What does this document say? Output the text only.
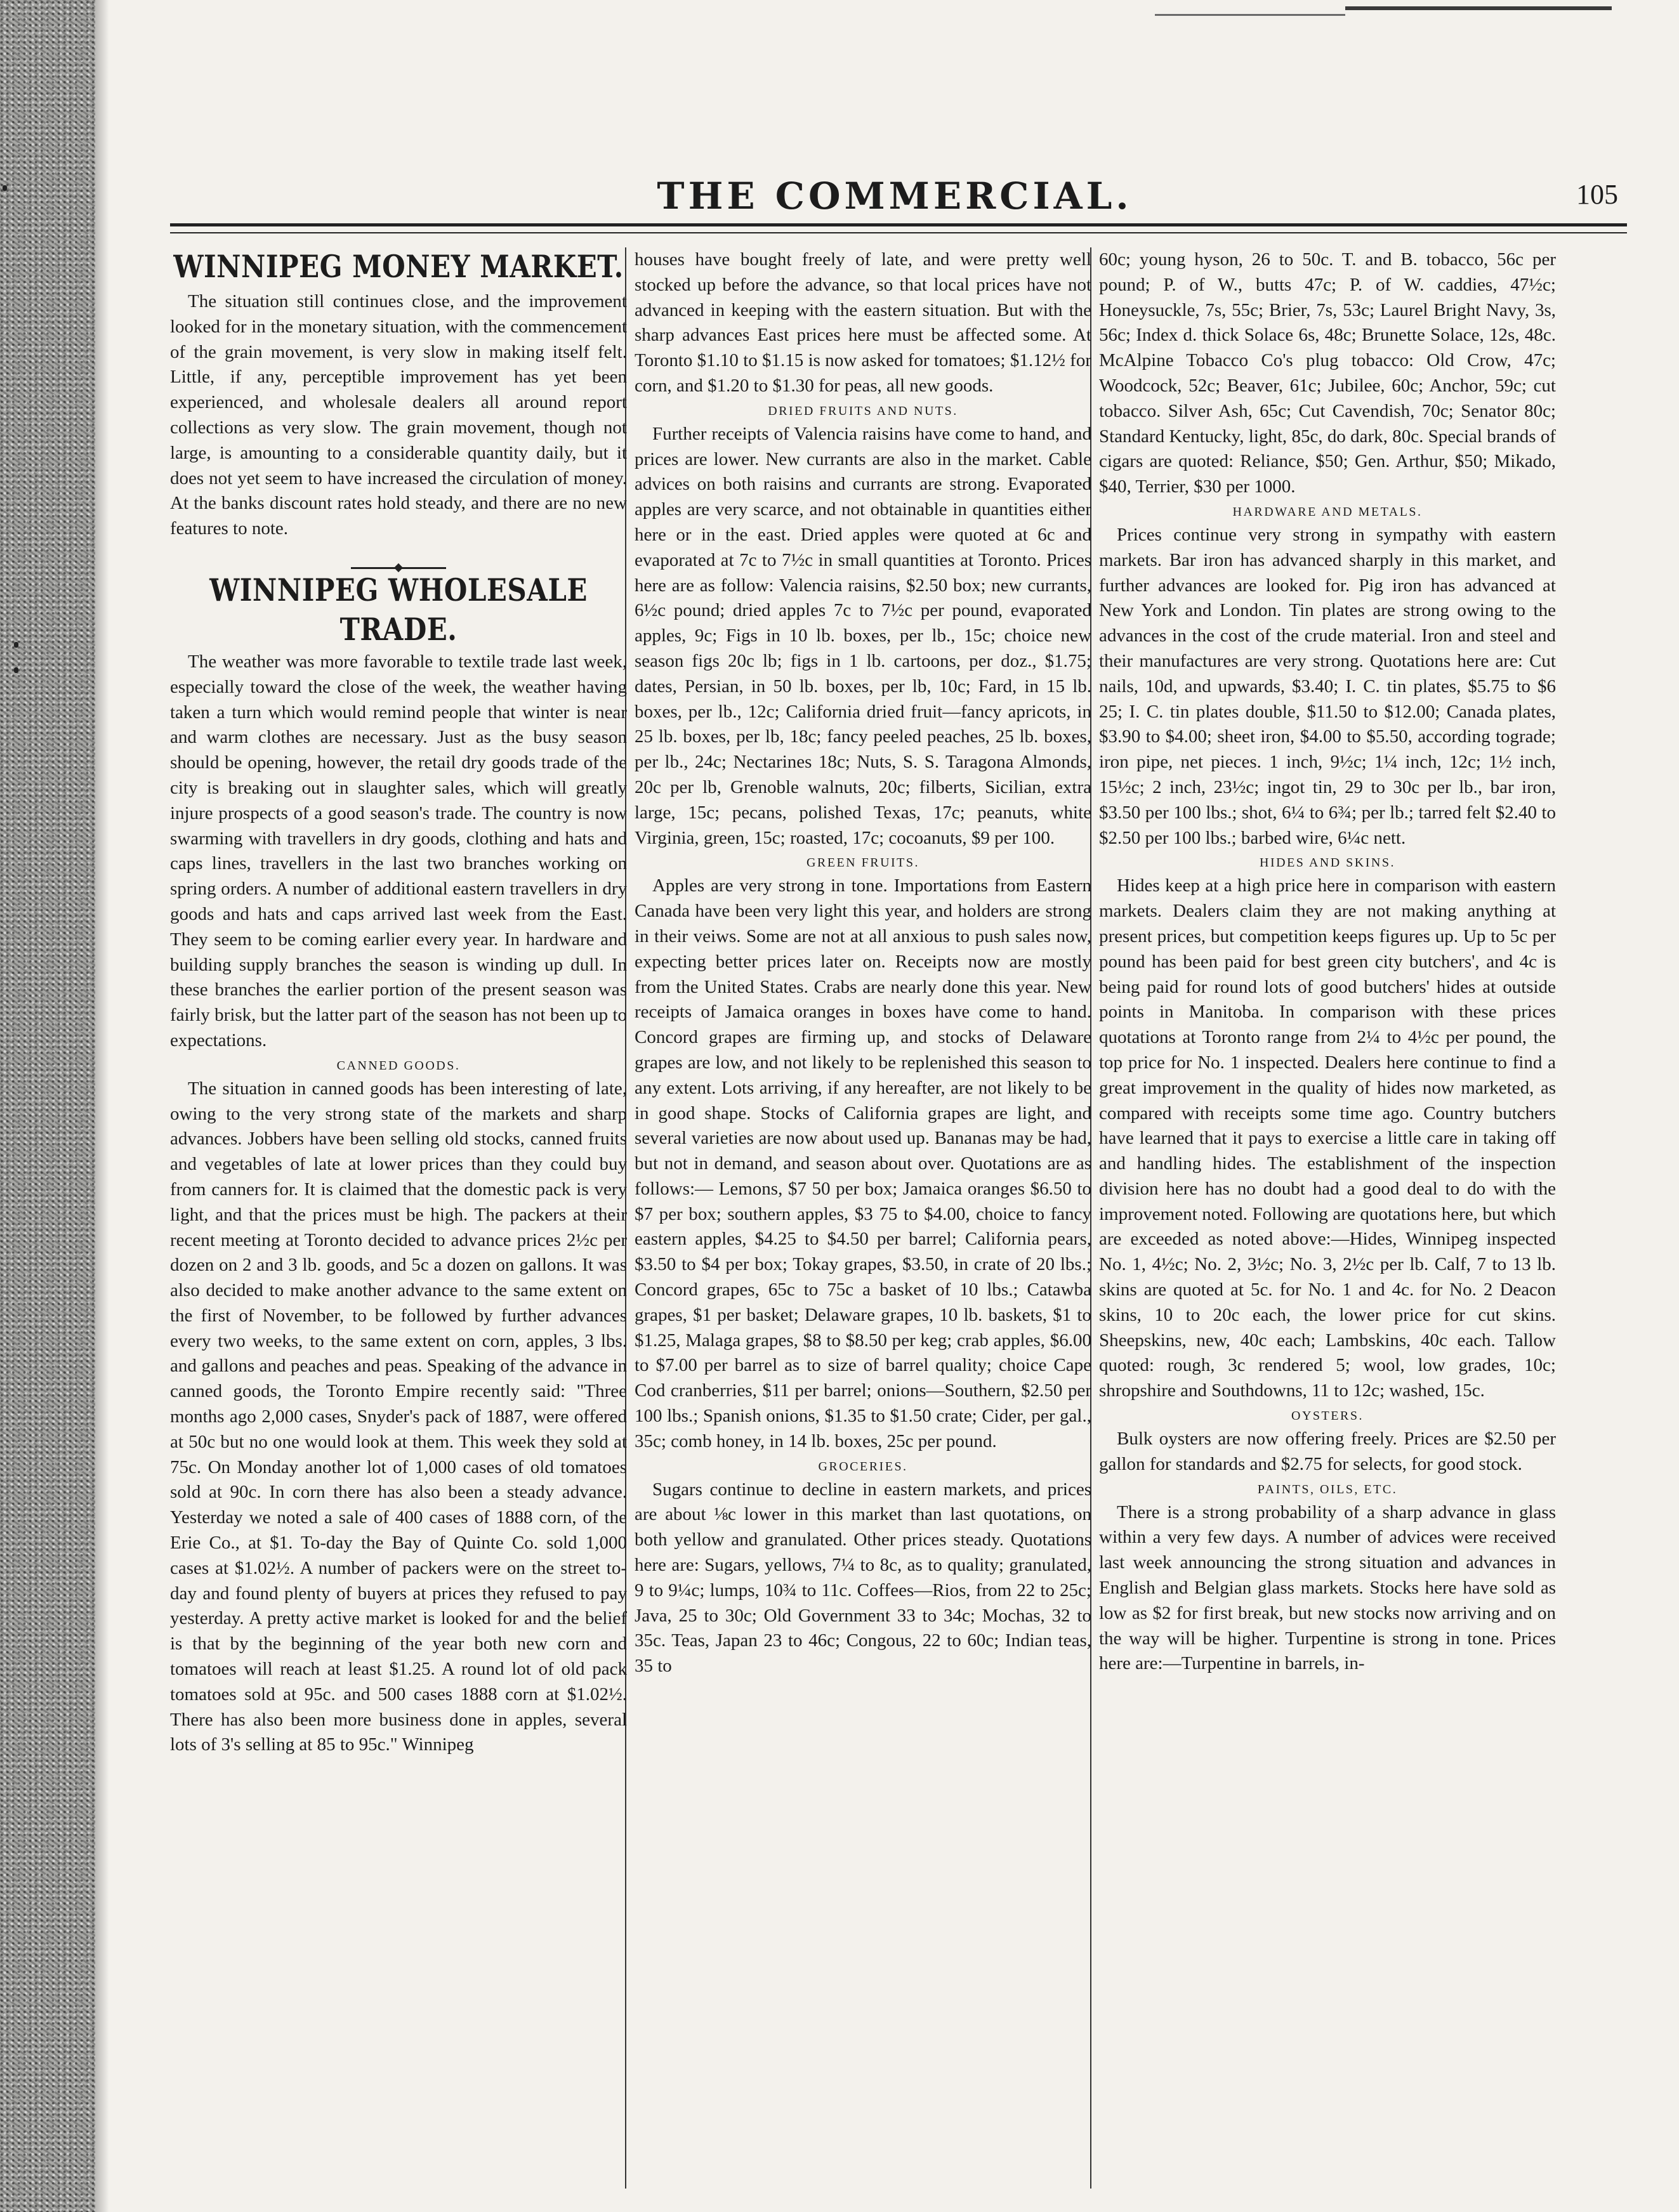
THE COMMERCIAL.	105
WINNIPEG MONEY MARKET.

The situation still continues close, and the improvement looked for in the monetary situation, with the commencement of the grain movement, is very slow in making itself felt. Little, if any, perceptible improvement has yet been experienced, and wholesale dealers all around report collections as very slow. The grain movement, though not large, is amounting to a considerable quantity daily, but it does not yet seem to have increased the circulation of money. At the banks discount rates hold steady, and there are no new features to note.

WINNIPEG WHOLESALE TRADE.

The weather was more favorable to textile trade last week, especially toward the close of the week, the weather having taken a turn which would remind people that winter is near and warm clothes are necessary. Just as the busy season should be opening, however, the retail dry goods trade of the city is breaking out in slaughter sales, which will greatly injure prospects of a good season's trade. The country is now swarming with travellers in dry goods, clothing and hats and caps lines, travellers in the last two branches working on spring orders. A number of additional eastern travellers in dry goods and hats and caps arrived last week from the East. They seem to be coming earlier every year. In hardware and building supply branches the season is winding up dull. In these branches the earlier portion of the present season was fairly brisk, but the latter part of the season has not been up to expectations.

CANNED GOODS.

The situation in canned goods has been interesting of late, owing to the very strong state of the markets and sharp advances. Jobbers have been selling old stocks, canned fruits and vegetables of late at lower prices than they could buy from canners for. It is claimed that the domestic pack is very light, and that the prices must be high. The packers at their recent meeting at Toronto decided to advance prices 2½c per dozen on 2 and 3 lb. goods, and 5c a dozen on gallons. It was also decided to make another advance to the same extent on the first of November, to be followed by further advances every two weeks, to the same extent on corn, apples, 3 lbs. and gallons and peaches and peas. Speaking of the advance in canned goods, the Toronto Empire recently said: "Three months ago 2,000 cases, Snyder's pack of 1887, were offered at 50c but no one would look at them. This week they sold at 75c. On Monday another lot of 1,000 cases of old tomatoes sold at 90c. In corn there has also been a steady advance. Yesterday we noted a sale of 400 cases of 1888 corn, of the Erie Co., at $1. To-day the Bay of Quinte Co. sold 1,000 cases at $1.02½. A number of packers were on the street to-day and found plenty of buyers at prices they refused to pay yesterday. A pretty active market is looked for and the belief is that by the beginning of the year both new corn and tomatoes will reach at least $1.25. A round lot of old pack tomatoes sold at 95c. and 500 cases 1888 corn at $1.02½. There has also been more business done in apples, several lots of 3's selling at 85 to 95c." Winnipeg

houses have bought freely of late, and were pretty well stocked up before the advance, so that local prices have not advanced in keeping with the eastern situation. But with the sharp advances East prices here must be affected some. At Toronto $1.10 to $1.15 is now asked for tomatoes; $1.12½ for corn, and $1.20 to $1.30 for peas, all new goods.

DRIED FRUITS AND NUTS.

Further receipts of Valencia raisins have come to hand, and prices are lower. New currants are also in the market. Cable advices on both raisins and currants are strong. Evaporated apples are very scarce, and not obtainable in quantities either here or in the east. Dried apples were quoted at 6c and evaporated at 7c to 7½c in small quantities at Toronto. Prices here are as follow: Valencia raisins, $2.50 box; new currants, 6½c pound; dried apples 7c to 7½c per pound, evaporated apples, 9c; Figs in 10 lb. boxes, per lb., 15c; choice new season figs 20c lb; figs in 1 lb. cartoons, per doz., $1.75; dates, Persian, in 50 lb. boxes, per lb, 10c; Fard, in 15 lb. boxes, per lb., 12c; California dried fruit—fancy apricots, in 25 lb. boxes, per lb, 18c; fancy peeled peaches, 25 lb. boxes, per lb., 24c; Nectarines 18c; Nuts, S. S. Taragona Almonds, 20c per lb, Grenoble walnuts, 20c; filberts, Sicilian, extra large, 15c; pecans, polished Texas, 17c; peanuts, white Virginia, green, 15c; roasted, 17c; cocoanuts, $9 per 100.

GREEN FRUITS.

Apples are very strong in tone. Importations from Eastern Canada have been very light this year, and holders are strong in their veiws. Some are not at all anxious to push sales now, expecting better prices later on. Receipts now are mostly from the United States. Crabs are nearly done this year. New receipts of Jamaica oranges in boxes have come to hand. Concord grapes are firming up, and stocks of Delaware grapes are low, and not likely to be replenished this season to any extent. Lots arriving, if any hereafter, are not likely to be in good shape. Stocks of California grapes are light, and several varieties are now about used up. Bananas may be had, but not in demand, and season about over. Quotations are as follows:— Lemons, $7 50 per box; Jamaica oranges $6.50 to $7 per box; southern apples, $3 75 to $4.00, choice to fancy eastern apples, $4.25 to $4.50 per barrel; California pears, $3.50 to $4 per box; Tokay grapes, $3.50, in crate of 20 lbs.; Concord grapes, 65c to 75c a basket of 10 lbs.; Catawba grapes, $1 per basket; Delaware grapes, 10 lb. baskets, $1 to $1.25, Malaga grapes, $8 to $8.50 per keg; crab apples, $6.00 to $7.00 per barrel as to size of barrel quality; choice Cape Cod cranberries, $11 per barrel; onions—Southern, $2.50 per 100 lbs.; Spanish onions, $1.35 to $1.50 crate; Cider, per gal., 35c; comb honey, in 14 lb. boxes, 25c per pound.

GROCERIES.

Sugars continue to decline in eastern markets, and prices are about ⅛c lower in this market than last quotations, on both yellow and granulated. Other prices steady. Quotations here are: Sugars, yellows, 7¼ to 8c, as to quality; granulated, 9 to 9¼c; lumps, 10¾ to 11c. Coffees—Rios, from 22 to 25c; Java, 25 to 30c; Old Government 33 to 34c; Mochas, 32 to 35c. Teas, Japan 23 to 46c; Congous, 22 to 60c; Indian teas, 35 to

60c; young hyson, 26 to 50c. T. and B. tobacco, 56c per pound; P. of W., butts 47c; P. of W. caddies, 47½c; Honeysuckle, 7s, 55c; Brier, 7s, 53c; Laurel Bright Navy, 3s, 56c; Index d. thick Solace 6s, 48c; Brunette Solace, 12s, 48c. McAlpine Tobacco Co's plug tobacco: Old Crow, 47c; Woodcock, 52c; Beaver, 61c; Jubilee, 60c; Anchor, 59c; cut tobacco. Silver Ash, 65c; Cut Cavendish, 70c; Senator 80c; Standard Kentucky, light, 85c, do dark, 80c. Special brands of cigars are quoted: Reliance, $50; Gen. Arthur, $50; Mikado, $40, Terrier, $30 per 1000.

HARDWARE AND METALS.

Prices continue very strong in sympathy with eastern markets. Bar iron has advanced sharply in this market, and further advances are looked for. Pig iron has advanced at New York and London. Tin plates are strong owing to the advances in the cost of the crude material. Iron and steel and their manufactures are very strong. Quotations here are: Cut nails, 10d, and upwards, $3.40; I. C. tin plates, $5.75 to $6 25; I. C. tin plates double, $11.50 to $12.00; Canada plates, $3.90 to $4.00; sheet iron, $4.00 to $5.50, according tograde; iron pipe, net pieces. 1 inch, 9½c; 1¼ inch, 12c; 1½ inch, 15½c; 2 inch, 23½c; ingot tin, 29 to 30c per lb., bar iron, $3.50 per 100 lbs.; shot, 6¼ to 6¾; per lb.; tarred felt $2.40 to $2.50 per 100 lbs.; barbed wire, 6¼c nett.

HIDES AND SKINS.

Hides keep at a high price here in comparison with eastern markets. Dealers claim they are not making anything at present prices, but competition keeps figures up. Up to 5c per pound has been paid for best green city butchers', and 4c is being paid for round lots of good butchers' hides at outside points in Manitoba. In comparison with these prices quotations at Toronto range from 2¼ to 4½c per pound, the top price for No. 1 inspected. Dealers here continue to find a great improvement in the quality of hides now marketed, as compared with receipts some time ago. Country butchers have learned that it pays to exercise a little care in taking off and handling hides. The establishment of the inspection division here has no doubt had a good deal to do with the improvement noted. Following are quotations here, but which are exceeded as noted above:—Hides, Winnipeg inspected No. 1, 4½c; No. 2, 3½c; No. 3, 2½c per lb. Calf, 7 to 13 lb. skins are quoted at 5c. for No. 1 and 4c. for No. 2 Deacon skins, 10 to 20c each, the lower price for cut skins. Sheepskins, new, 40c each; Lambskins, 40c each. Tallow quoted: rough, 3c rendered 5; wool, low grades, 10c; shropshire and Southdowns, 11 to 12c; washed, 15c.

OYSTERS.

Bulk oysters are now offering freely. Prices are $2.50 per gallon for standards and $2.75 for selects, for good stock.

PAINTS, OILS, ETC.

There is a strong probability of a sharp advance in glass within a very few days. A number of advices were received last week announcing the strong situation and advances in English and Belgian glass markets. Stocks here have sold as low as $2 for first break, but new stocks now arriving and on the way will be higher. Turpentine is strong in tone. Prices here are:—Turpentine in barrels, in-
